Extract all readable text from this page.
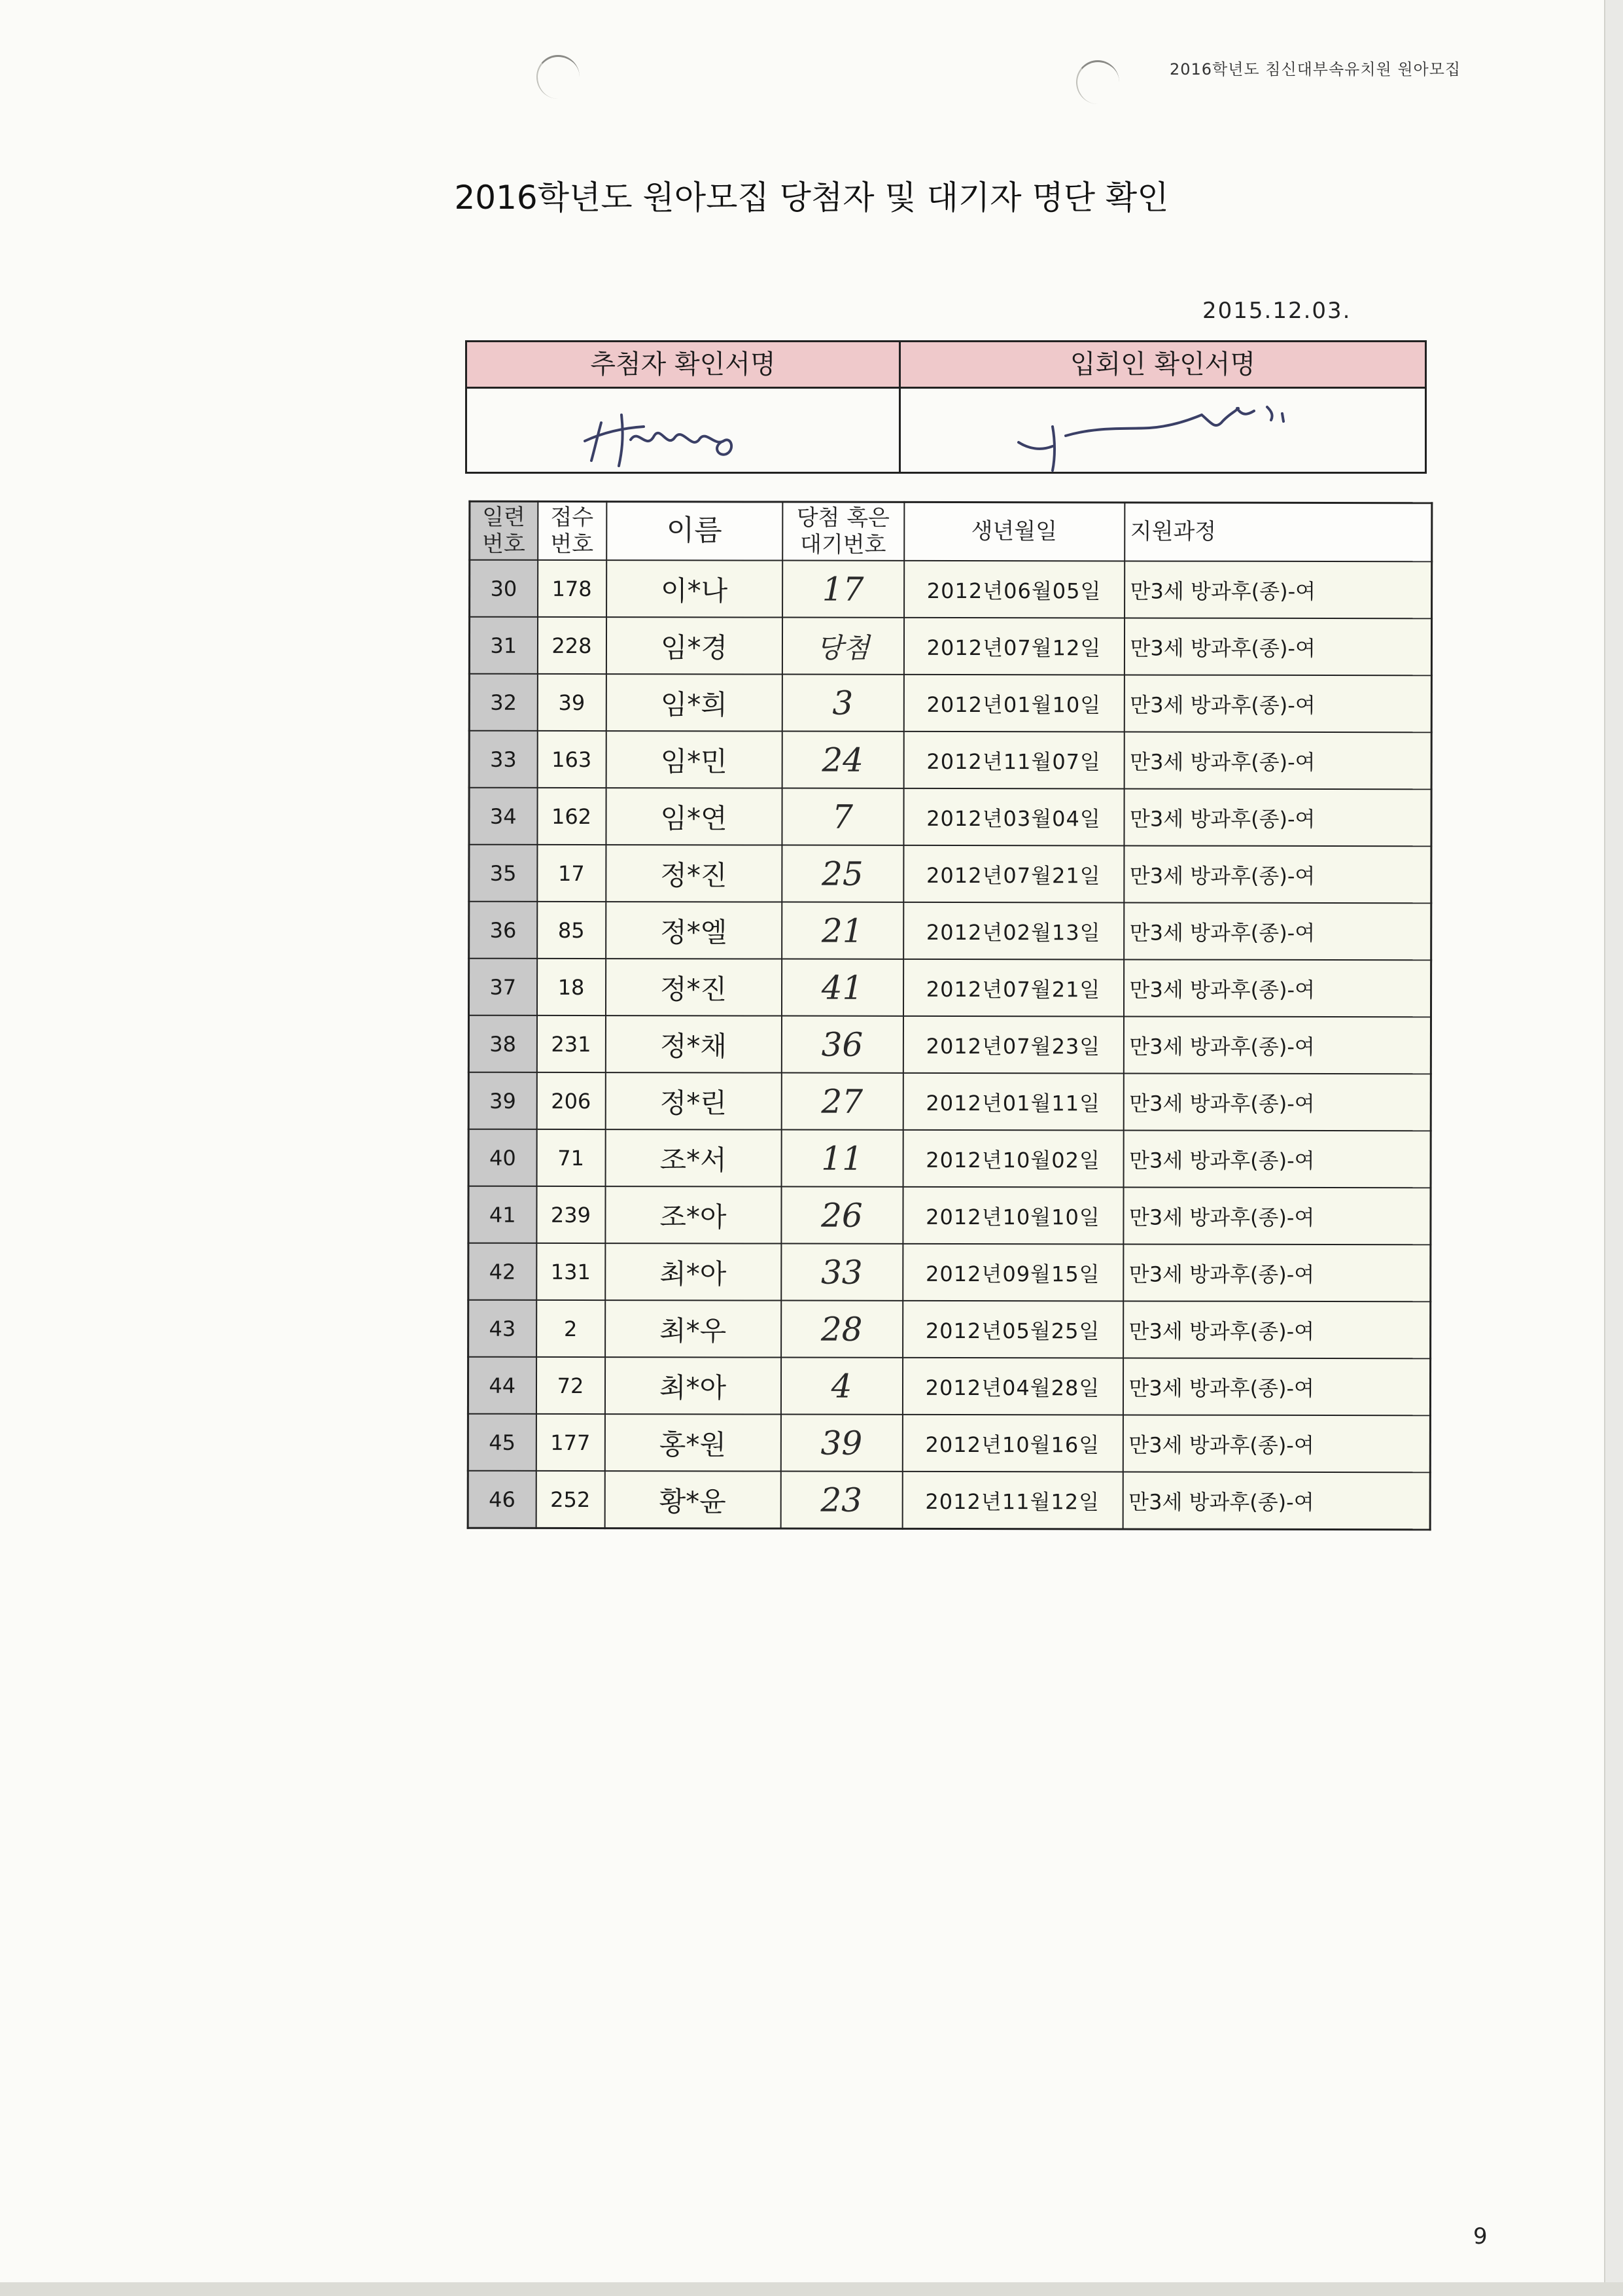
2016학년도 침신대부속유치원 원아모집
2016학년도 원아모집 당첨자 및 대기자 명단 확인
2015.12.03.
추첨자 확인서명	입회인 확인서명
일련 번호	접수 번호	이름	당첨 혹은 대기번호	생년월일	지원과정
30	178	이*나	17	2012년06월05일	만3세 방과후(종)-여
31	228	임*경	당첨	2012년07월12일	만3세 방과후(종)-여
32	39	임*희	3	2012년01월10일	만3세 방과후(종)-여
33	163	임*민	24	2012년11월07일	만3세 방과후(종)-여
34	162	임*연	7	2012년03월04일	만3세 방과후(종)-여
35	17	정*진	25	2012년07월21일	만3세 방과후(종)-여
36	85	정*엘	21	2012년02월13일	만3세 방과후(종)-여
37	18	정*진	41	2012년07월21일	만3세 방과후(종)-여
38	231	정*채	36	2012년07월23일	만3세 방과후(종)-여
39	206	정*린	27	2012년01월11일	만3세 방과후(종)-여
40	71	조*서	11	2012년10월02일	만3세 방과후(종)-여
41	239	조*아	26	2012년10월10일	만3세 방과후(종)-여
42	131	최*아	33	2012년09월15일	만3세 방과후(종)-여
43	2	최*우	28	2012년05월25일	만3세 방과후(종)-여
44	72	최*아	4	2012년04월28일	만3세 방과후(종)-여
45	177	홍*원	39	2012년10월16일	만3세 방과후(종)-여
46	252	황*윤	23	2012년11월12일	만3세 방과후(종)-여
9
